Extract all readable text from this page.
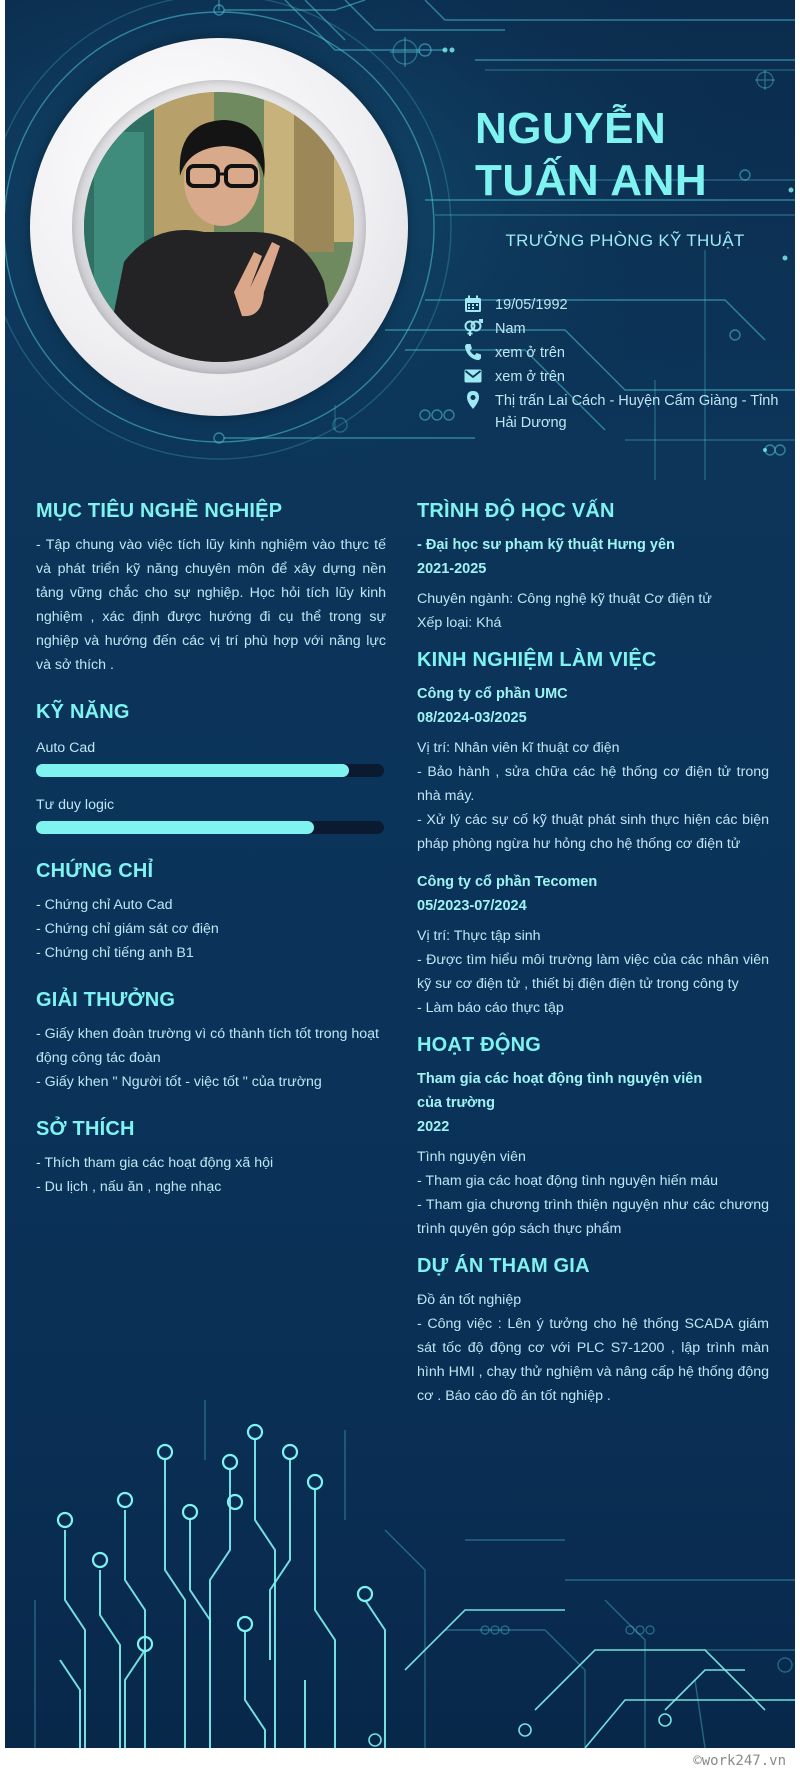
NGUYỄN TUẤN ANH
TRƯỞNG PHÒNG KỸ THUẬT
19/05/1992
Nam
xem ở trên
xem ở trên
Thị trấn Lai Cách - Huyện Cẩm Giàng - Tỉnh Hải Dương
MỤC TIÊU NGHỀ NGHIỆP

- Tập chung vào việc tích lũy kinh nghiệm vào thực tế và phát triển kỹ năng chuyên môn để xây dựng nền tảng vững chắc cho sự nghiệp. Học hỏi tích lũy kinh nghiệm , xác định được hướng đi cụ thể trong sự nghiệp và hướng đến các vị trí phù hợp với năng lực và sở thích .

KỸ NĂNG

Auto Cad

Tư duy logic

CHỨNG CHỈ
- Chứng chỉ Auto Cad
- Chứng chỉ giám sát cơ điện
- Chứng chỉ tiếng anh B1
GIẢI THƯỞNG
- Giấy khen đoàn trường vì có thành tích tốt trong hoạt động công tác đoàn
- Giấy khen " Người tốt - việc tốt " của trường
SỞ THÍCH
- Thích tham gia các hoạt động xã hội
- Du lịch , nấu ăn , nghe nhạc
TRÌNH ĐỘ HỌC VẤN

- Đại học sư phạm kỹ thuật Hưng yên

2021-2025

Chuyên ngành: Công nghệ kỹ thuật Cơ điện tử

Xếp loại: Khá

KINH NGHIỆM LÀM VIỆC

Công ty cổ phần UMC

08/2024-03/2025

Vị trí: Nhân viên kĩ thuật cơ điện

- Bảo hành , sửa chữa các hệ thống cơ điện tử trong nhà máy.

- Xử lý các sự cố kỹ thuật phát sinh thực hiện các biện pháp phòng ngừa hư hỏng cho hệ thống cơ điện tử

Công ty cổ phần Tecomen

05/2023-07/2024

Vị trí: Thực tập sinh

- Được tìm hiểu môi trường làm việc của các nhân viên kỹ sư cơ điện tử , thiết bị điện điện tử trong công ty

- Làm báo cáo thực tập

HOẠT ĐỘNG

Tham gia các hoạt động tình nguyện viên của trường

2022

Tình nguyện viên

- Tham gia các hoạt động tình nguyện hiến máu

- Tham gia chương trình thiện nguyện như các chương trình quyên góp sách thực phẩm

DỰ ÁN THAM GIA

Đồ án tốt nghiệp

- Công việc : Lên ý tưởng cho hệ thống SCADA giám sát tốc độ động cơ với PLC S7-1200 , lập trình màn hình HMI , chạy thử nghiệm và nâng cấp hệ thống động cơ . Báo cáo đồ án tốt nghiệp .

©work247.vn
